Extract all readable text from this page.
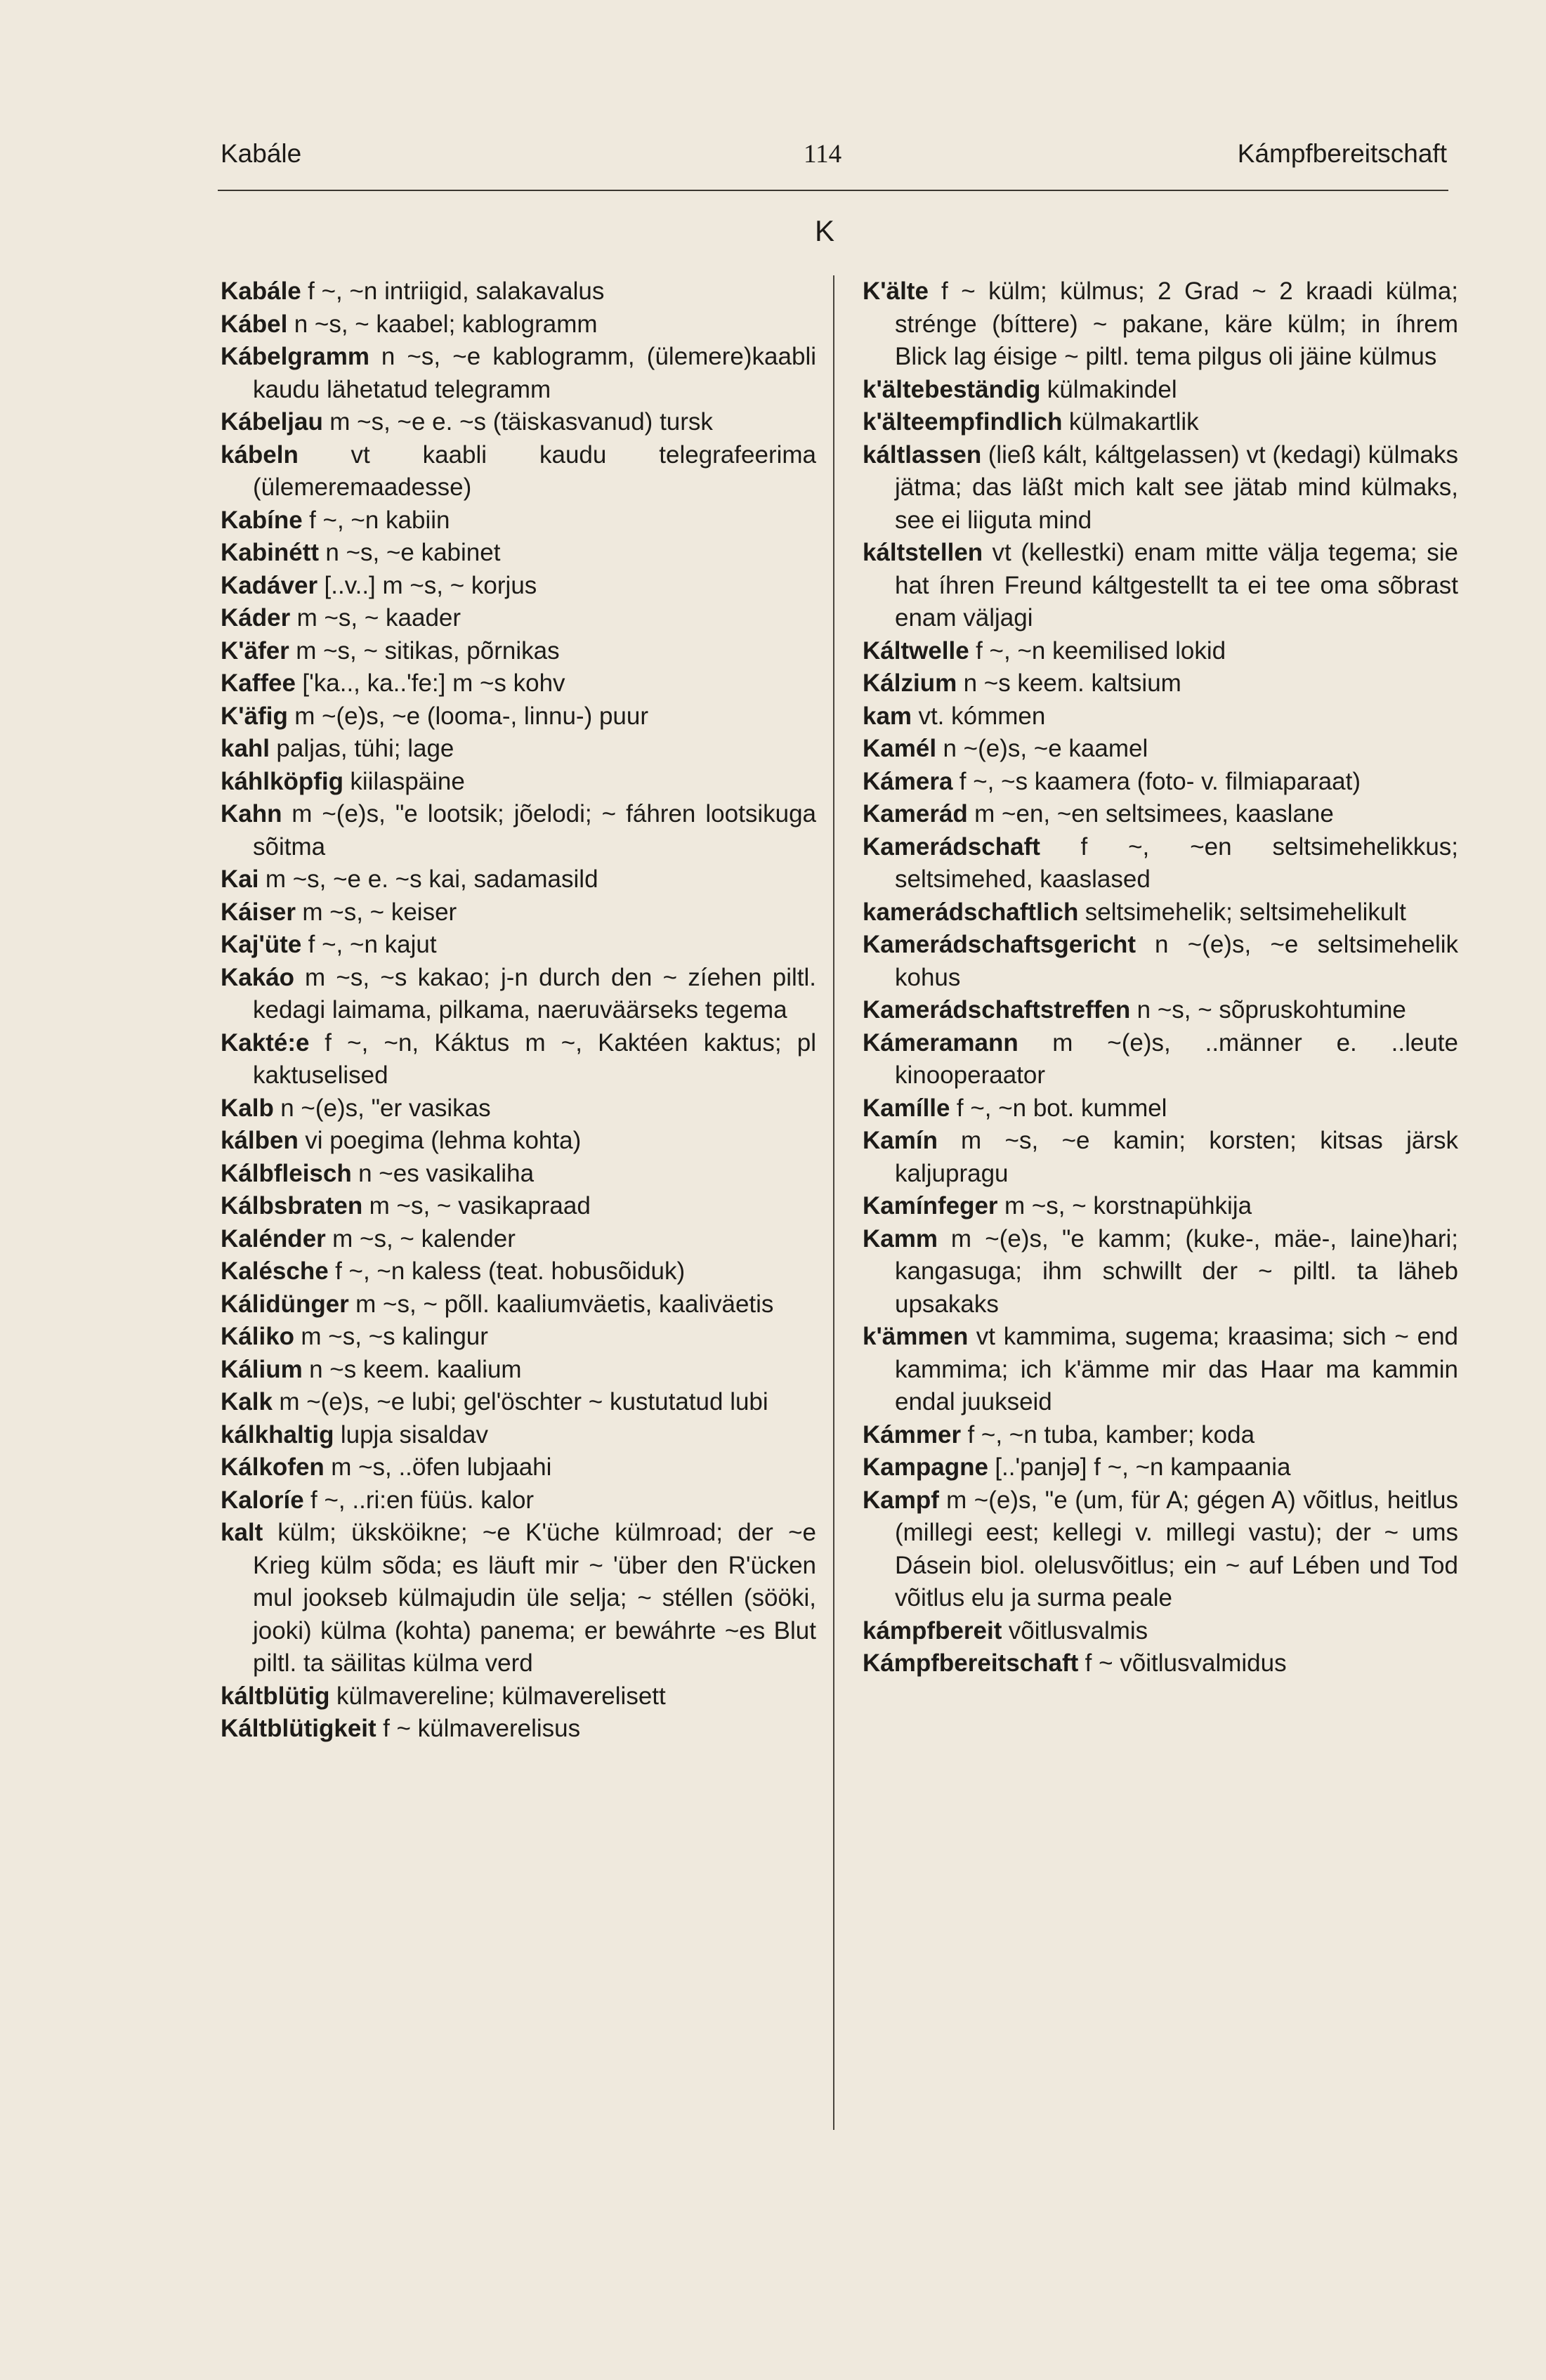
Kabále	114	Kámpfbereitschaft
K

Kabále f ~, ~n intriigid, salakavalus

Kábel n ~s, ~ kaabel; kablogramm

Kábelgramm n ~s, ~e kablogramm, (ülemere)kaabli kaudu lähetatud telegramm

Kábeljau m ~s, ~e e. ~s (täiskasvanud) tursk

kábeln vt kaabli kaudu telegrafeerima (ülemeremaadesse)

Kabíne f ~, ~n kabiin

Kabinétt n ~s, ~e kabinet

Kadáver [..v..] m ~s, ~ korjus

Káder m ~s, ~ kaader

K'äfer m ~s, ~ sitikas, põrnikas

Kaffee ['ka.., ka..'fe:] m ~s kohv

K'äfig m ~(e)s, ~e (looma-, linnu-) puur

kahl paljas, tühi; lage

káhlköpfig kiilaspäine

Kahn m ~(e)s, "e lootsik; jõelodi; ~ fáhren lootsikuga sõitma

Kai m ~s, ~e e. ~s kai, sadamasild

Káiser m ~s, ~ keiser

Kaj'üte f ~, ~n kajut

Kakáo m ~s, ~s kakao; j-n durch den ~ zíehen piltl. kedagi laimama, pilkama, naeruväärseks tegema

Kakté:e f ~, ~n, Káktus m ~, Kaktéen kaktus; pl kaktuselised

Kalb n ~(e)s, "er vasikas

kálben vi poegima (lehma kohta)

Kálbfleisch n ~es vasikaliha

Kálbsbraten m ~s, ~ vasikapraad

Kalénder m ~s, ~ kalender

Kalésche f ~, ~n kaless (teat. hobusõiduk)

Kálidünger m ~s, ~ põll. kaaliumväetis, kaaliväetis

Káliko m ~s, ~s kalingur

Kálium n ~s keem. kaalium

Kalk m ~(e)s, ~e lubi; gel'öschter ~ kustutatud lubi

kálkhaltig lupja sisaldav

Kálkofen m ~s, ..öfen lubjaahi

Kaloríe f ~, ..ri:en füüs. kalor

kalt külm; üksköikne; ~e K'üche külmroad; der ~e Krieg külm sõda; es läuft mir ~ 'über den R'ücken mul jookseb külmajudin üle selja; ~ stéllen (sööki, jooki) külma (kohta) panema; er bewáhrte ~es Blut piltl. ta säilitas külma verd

káltblütig külmavereline; külmaverelisett

Káltblütigkeit f ~ külmaverelisus

K'älte f ~ külm; külmus; 2 Grad ~ 2 kraadi külma; strénge (bíttere) ~ pakane, käre külm; in íhrem Blick lag éisige ~ piltl. tema pilgus oli jäine külmus

k'ältebeständig külmakindel

k'älteempfindlich külmakartlik

káltlassen (ließ kált, káltgelassen) vt (kedagi) külmaks jätma; das läßt mich kalt see jätab mind külmaks, see ei liiguta mind

káltstellen vt (kellestki) enam mitte välja tegema; sie hat íhren Freund káltgestellt ta ei tee oma sõbrast enam väljagi

Káltwelle f ~, ~n keemilised lokid

Kálzium n ~s keem. kaltsium

kam vt. kómmen

Kamél n ~(e)s, ~e kaamel

Kámera f ~, ~s kaamera (foto- v. filmiaparaat)

Kamerád m ~en, ~en seltsimees, kaaslane

Kamerádschaft f ~, ~en seltsimehelikkus; seltsimehed, kaaslased

kamerádschaftlich seltsimehelik; seltsimehelikult

Kamerádschaftsgericht n ~(e)s, ~e seltsimehelik kohus

Kamerádschaftstreffen n ~s, ~ sõpruskohtumine

Kámeramann m ~(e)s, ..männer e. ..leute kinooperaator

Kamílle f ~, ~n bot. kummel

Kamín m ~s, ~e kamin; korsten; kitsas järsk kaljupragu

Kamínfeger m ~s, ~ korstnapühkija

Kamm m ~(e)s, "e kamm; (kuke-, mäe-, laine)hari; kangasuga; ihm schwillt der ~ piltl. ta läheb upsakaks

k'ämmen vt kammima, sugema; kraasima; sich ~ end kammima; ich k'ämme mir das Haar ma kammin endal juukseid

Kámmer f ~, ~n tuba, kamber; koda

Kampagne [..'panjə] f ~, ~n kampaania

Kampf m ~(e)s, "e (um, für A; gégen A) võitlus, heitlus (millegi eest; kellegi v. millegi vastu); der ~ ums Dásein biol. olelusvõitlus; ein ~ auf Lében und Tod võitlus elu ja surma peale

kámpfbereit võitlusvalmis

Kámpfbereitschaft f ~ võitlusvalmidus
